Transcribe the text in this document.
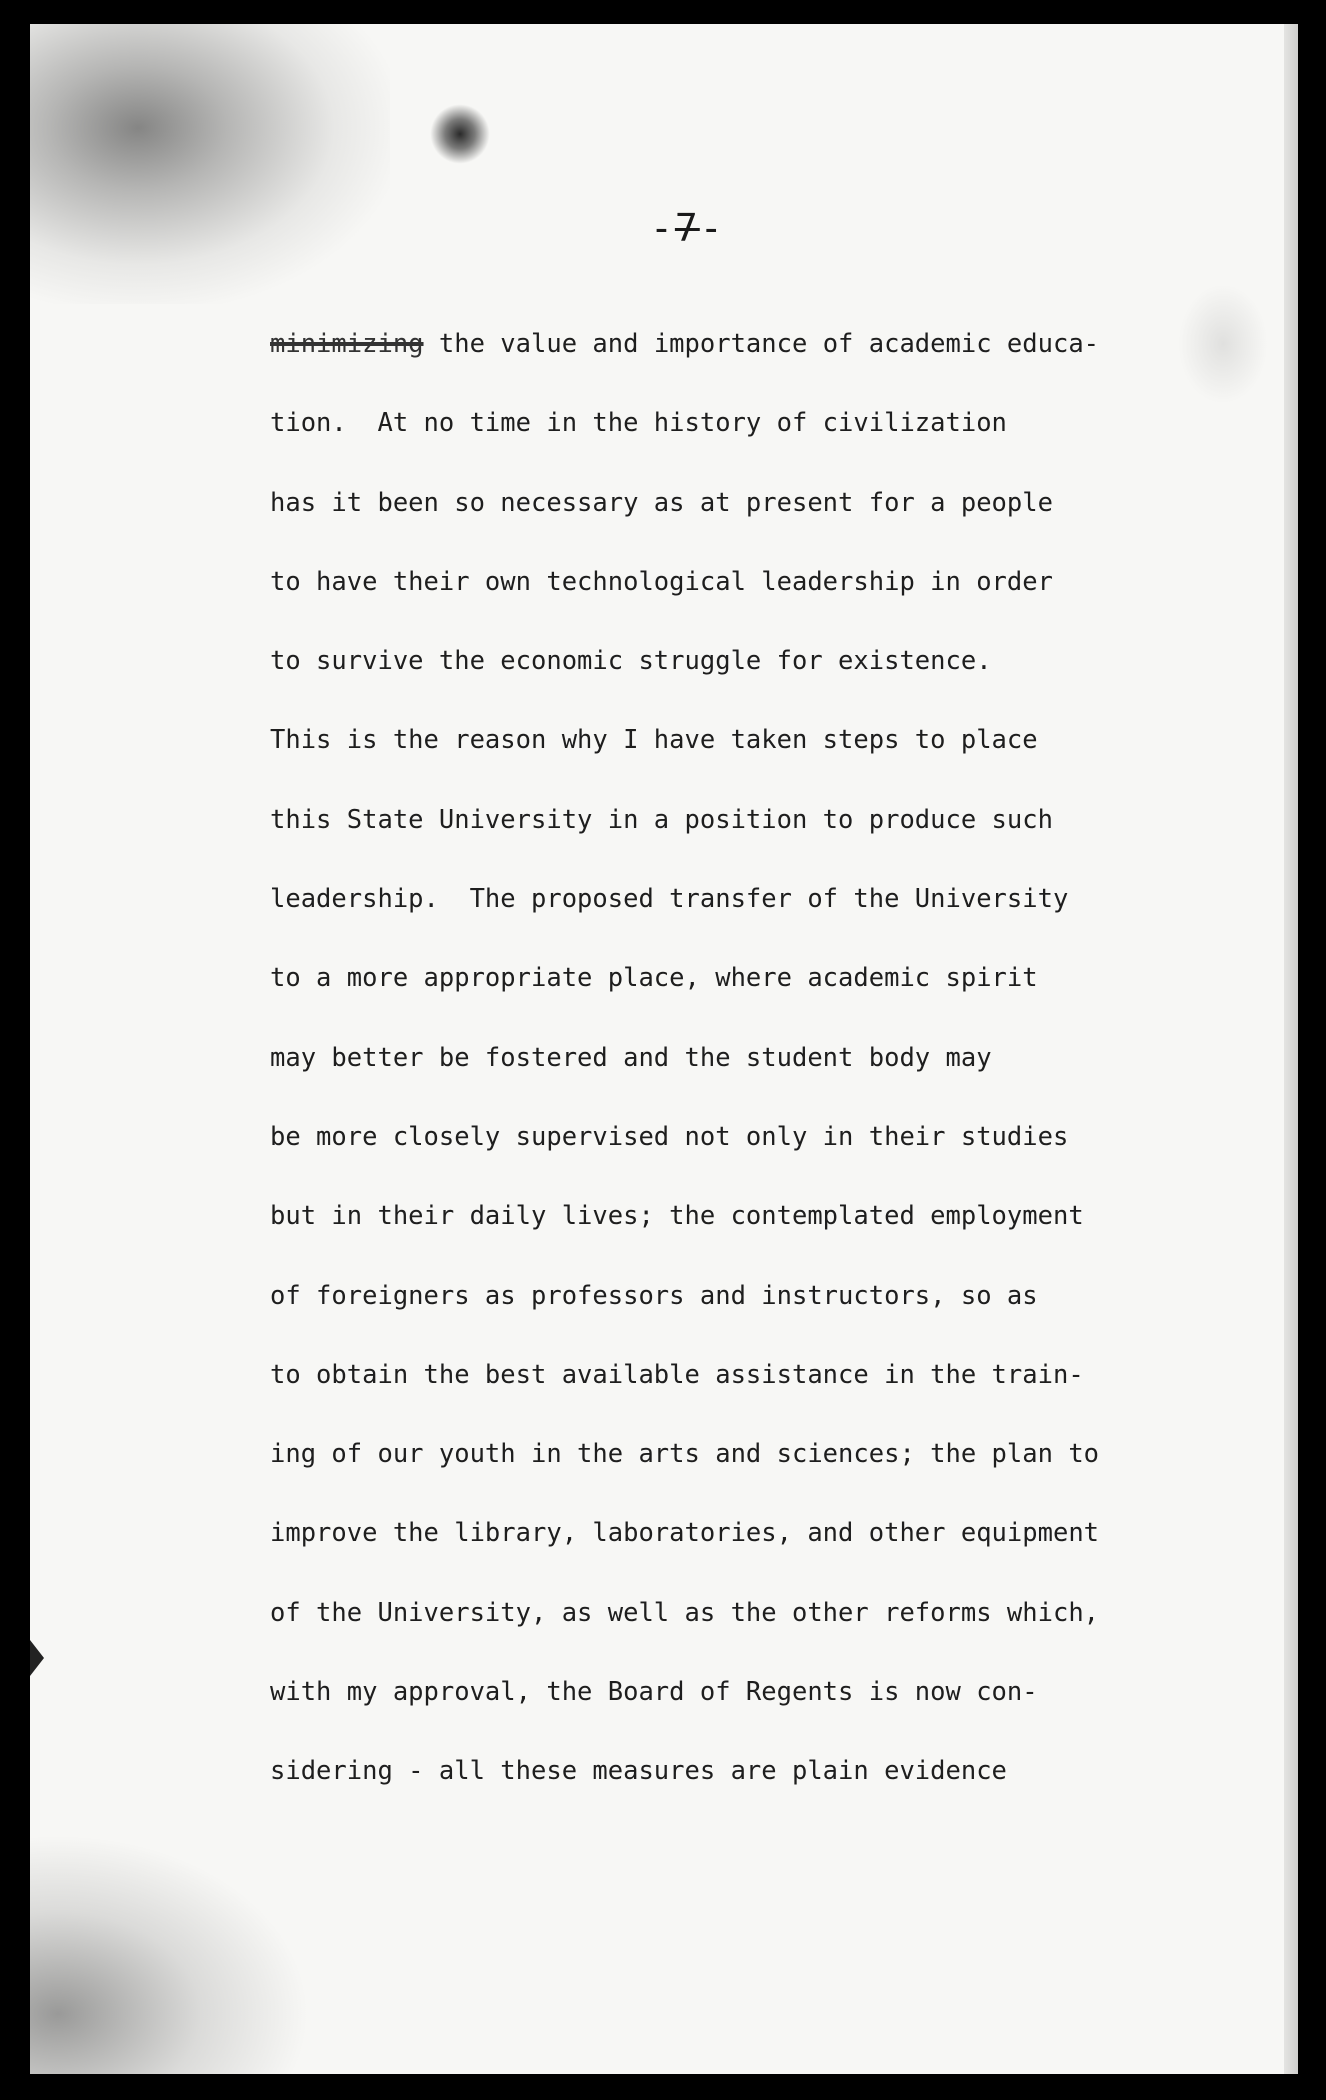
-7-
minimizing the value and importance of academic educa-
tion.  At no time in the history of civilization
has it been so necessary as at present for a people
to have their own technological leadership in order
to survive the economic struggle for existence.
This is the reason why I have taken steps to place
this State University in a position to produce such
leadership.  The proposed transfer of the University
to a more appropriate place, where academic spirit
may better be fostered and the student body may
be more closely supervised not only in their studies
but in their daily lives; the contemplated employment
of foreigners as professors and instructors, so as
to obtain the best available assistance in the train-
ing of our youth in the arts and sciences; the plan to
improve the library, laboratories, and other equipment
of the University, as well as the other reforms which,
with my approval, the Board of Regents is now con-
sidering - all these measures are plain evidence
